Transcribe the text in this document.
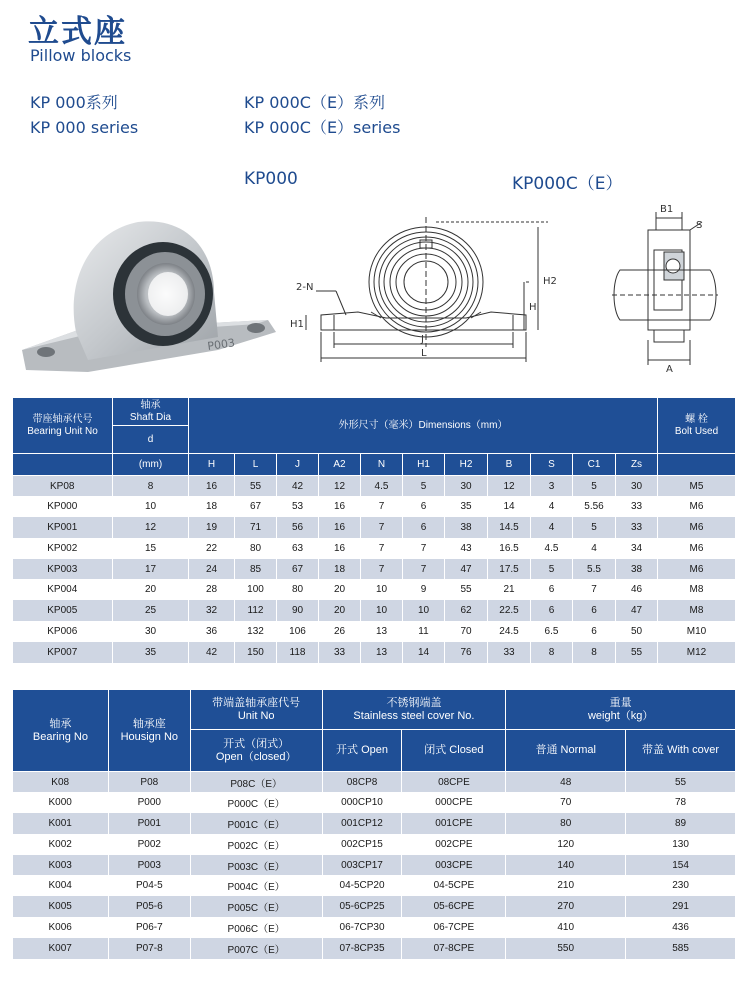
立式座
Pillow blocks
KP 000系列
KP 000 series
KP 000C（E）系列
KP 000C（E）series
KP000	KP000C（E）
P003
2-N
H1
H
H2
J
L
B1
S
A
带座轴承代号
Bearing Unit No	轴承
Shaft Dia	外形尺寸（毫米）Dimensions（mm）											螺 栓
Bolt Used
	d												
	(mm)	H	L	J	A2	N	H1	H2	B	S	C1	Zs	
KP08	8	16	55	42	12	4.5	5	30	12	3	5	30	M5
KP000	10	18	67	53	16	7	6	35	14	4	5.56	33	M6
KP001	12	19	71	56	16	7	6	38	14.5	4	5	33	M6
KP002	15	22	80	63	16	7	7	43	16.5	4.5	4	34	M6
KP003	17	24	85	67	18	7	7	47	17.5	5	5.5	38	M6
KP004	20	28	100	80	20	10	9	55	21	6	7	46	M8
KP005	25	32	112	90	20	10	10	62	22.5	6	6	47	M8
KP006	30	36	132	106	26	13	11	70	24.5	6.5	6	50	M10
KP007	35	42	150	118	33	13	14	76	33	8	8	55	M12
轴承
Bearing No	轴承座
Housign No	带端盖轴承座代号
Unit No	不锈钢端盖
Stainless steel cover No.		重量
weight（kg）	
		开式（闭式）
Open（closed）	开式 Open	闭式 Closed	普通 Normal	带盖 With cover
K08	P08	P08C（E）	08CP8	08CPE	48	55
K000	P000	P000C（E）	000CP10	000CPE	70	78
K001	P001	P001C（E）	001CP12	001CPE	80	89
K002	P002	P002C（E）	002CP15	002CPE	120	130
K003	P003	P003C（E）	003CP17	003CPE	140	154
K004	P04-5	P004C（E）	04-5CP20	04-5CPE	210	230
K005	P05-6	P005C（E）	05-6CP25	05-6CPE	270	291
K006	P06-7	P006C（E）	06-7CP30	06-7CPE	410	436
K007	P07-8	P007C（E）	07-8CP35	07-8CPE	550	585
